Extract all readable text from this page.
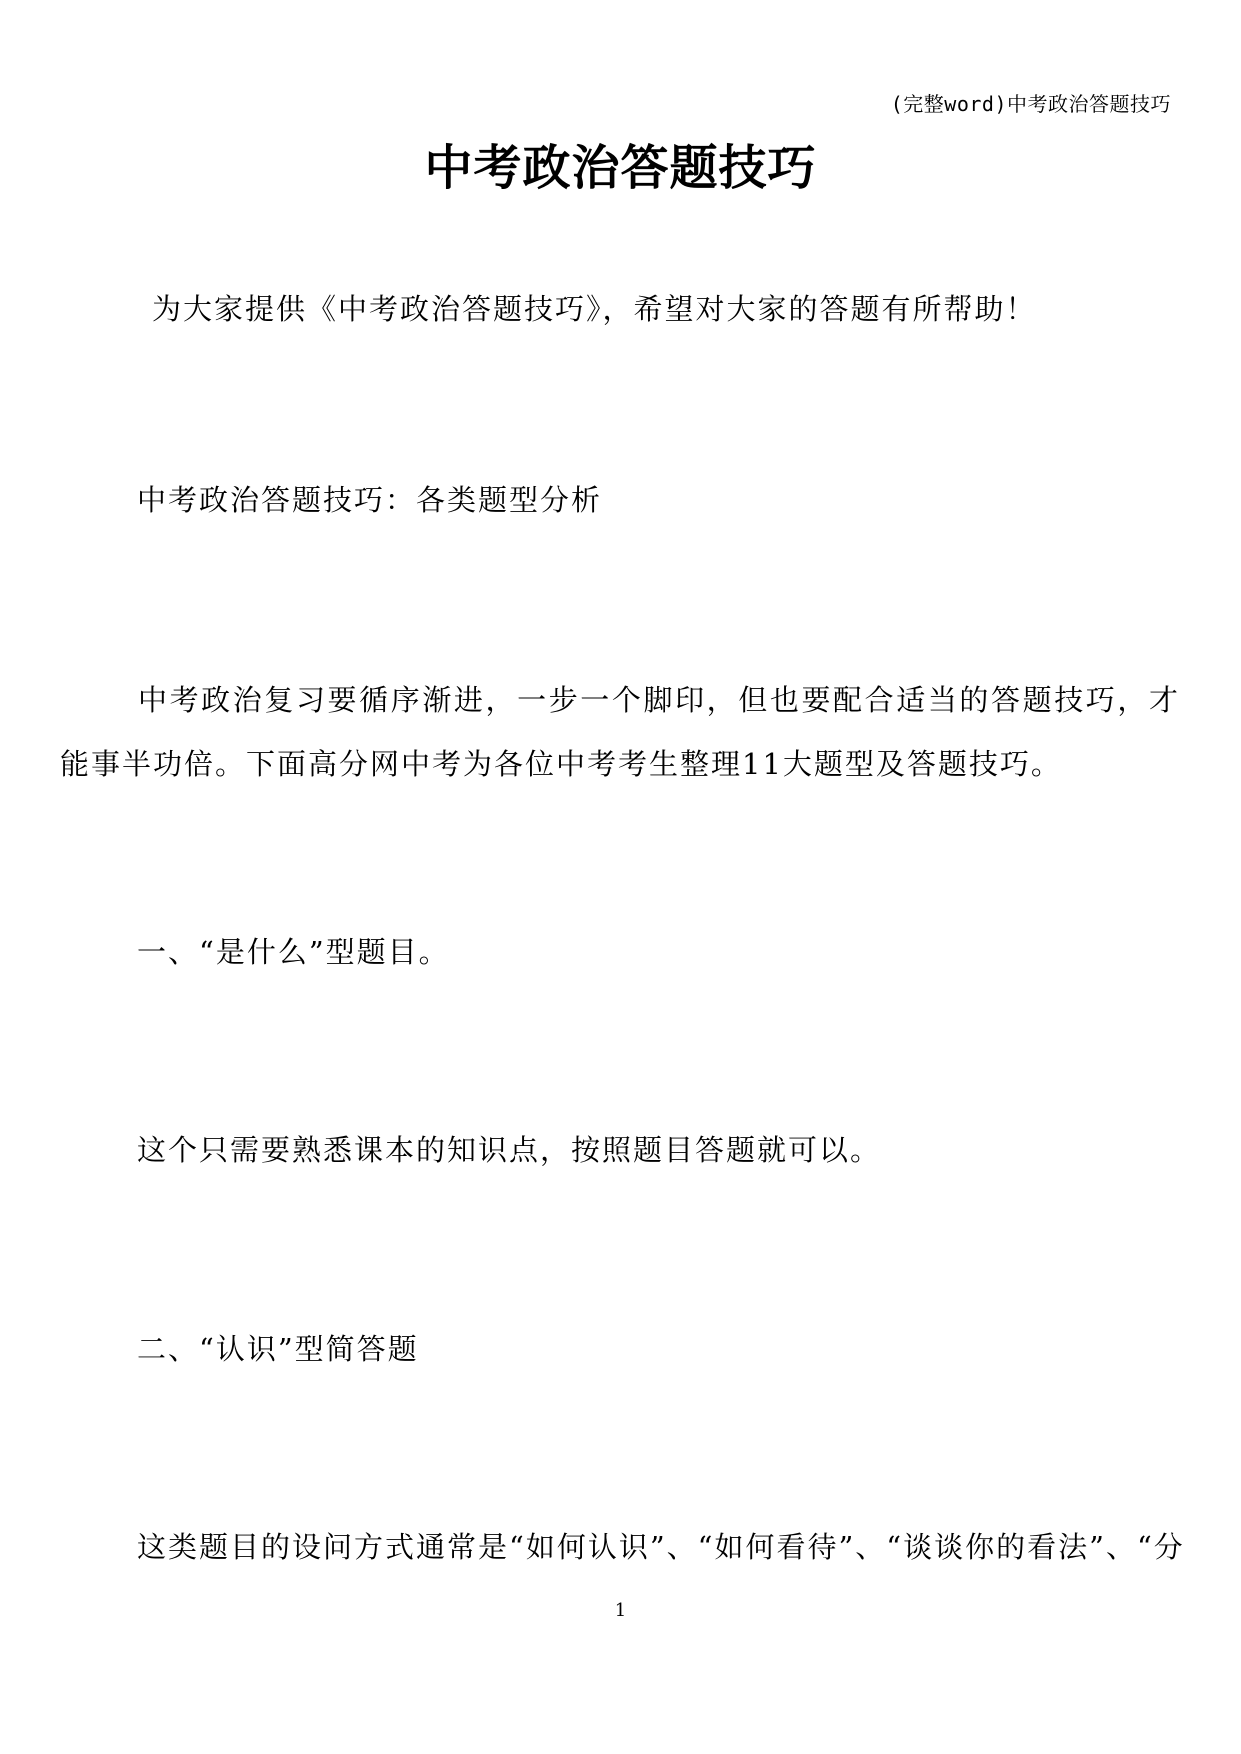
(完整word)中考政治答题技巧
中考政治答题技巧
为大家提供《中考政治答题技巧》，希望对大家的答题有所帮助！
中考政治答题技巧：各类题型分析
中考政治复习要循序渐进，一步一个脚印，但也要配合适当的答题技巧，才能事半功倍。下面高分网中考为各位中考考生整理11大题型及答题技巧。
一、“是什么”型题目。
这个只需要熟悉课本的知识点，按照题目答题就可以。
二、“认识”型简答题
这类题目的设问方式通常是“如何认识”、“如何看待”、“谈谈你的看法”、“分
1
